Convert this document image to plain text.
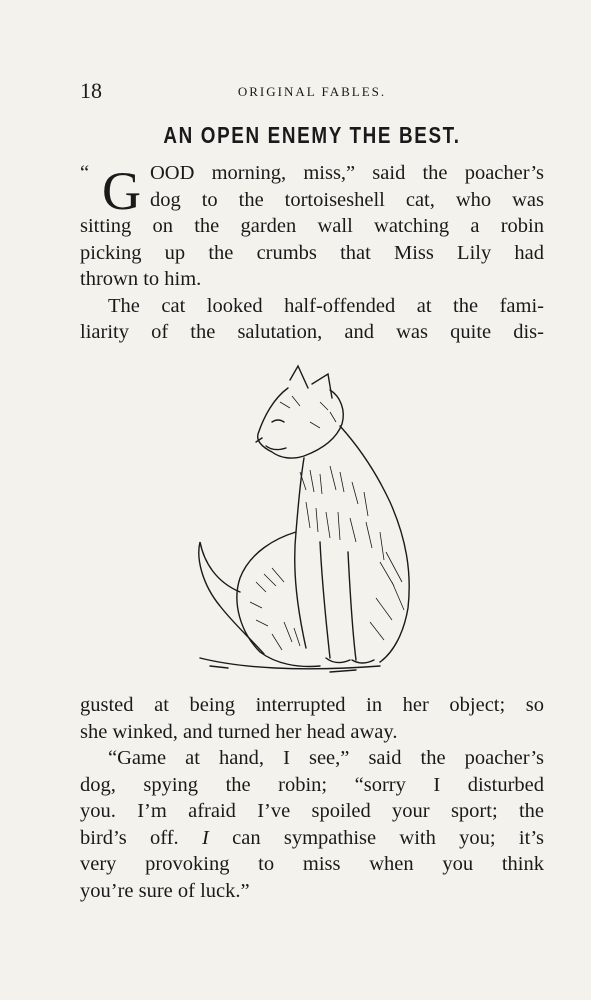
18	ORIGINAL FABLES.
AN OPEN ENEMY THE BEST.
“ G OOD morning, miss,” said the poacher’s
dog to the tortoiseshell cat, who was
sitting on the garden wall watching a robin
picking up the crumbs that Miss Lily had
thrown to him.
The cat looked half-offended at the fami-
liarity of the salutation, and was quite dis-
gusted at being interrupted in her object; so
she winked, and turned her head away.
“Game at hand, I see,” said the poacher’s
dog, spying the robin; “sorry I disturbed
you. I’m afraid I’ve spoiled your sport; the
bird’s off. I can sympathise with you; it’s
very provoking to miss when you think
you’re sure of luck.”
